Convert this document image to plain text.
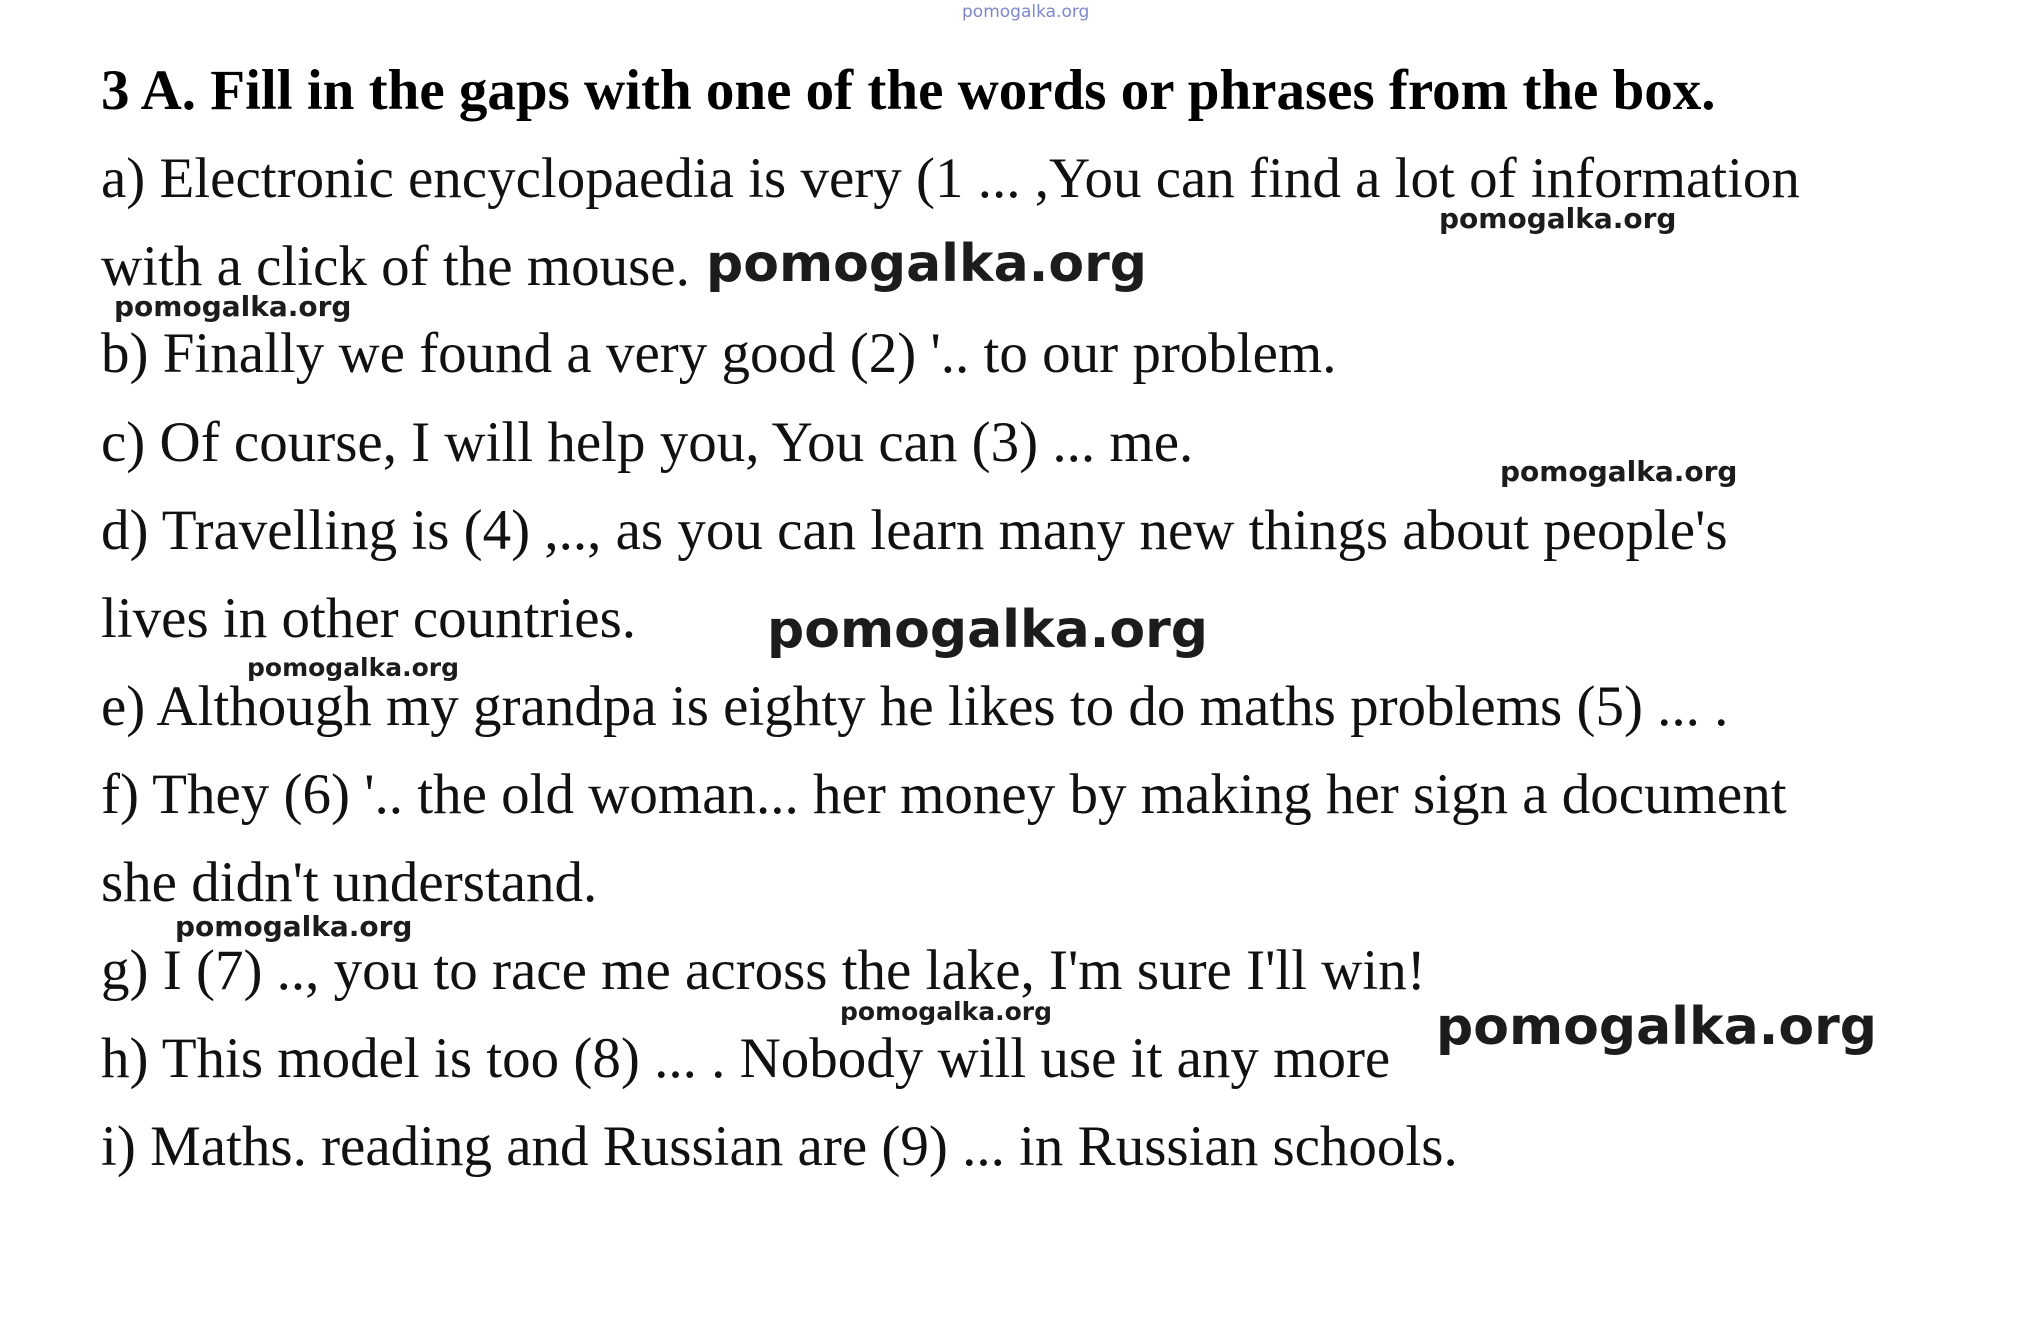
pomogalka.org
3 A. Fill in the gaps with one of the words or phrases from the box.
a) Electronic encyclopaedia is very (1 ... ,You can find a lot of information
with a click of the mouse.
b) Finally we found a very good (2) '.. to our problem.
c) Of course, I will help you, You can (3) ... me.
d) Travelling is (4) ,.., as you can learn many new things about people's
lives in other countries.
e) Although my grandpa is eighty he likes to do maths problems (5) ... .
f) They (6) '.. the old woman... her money by making her sign a document
she didn't understand.
g) I (7) .., you to race me across the lake, I'm sure I'll win!
h) This model is too (8) ... . Nobody will use it any more
i) Maths. reading and Russian are (9) ... in Russian schools.
pomogalka.org
pomogalka.org
pomogalka.org
pomogalka.org
pomogalka.org
pomogalka.org
pomogalka.org
pomogalka.org	pomogalka.org
